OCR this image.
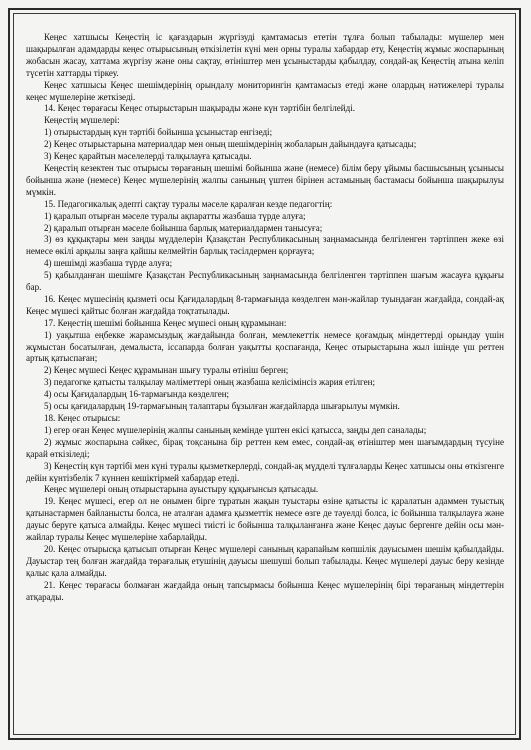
Кеңес хатшысы Кеңестің іс қағаздарын жүргізуді қамтамасыз ететін тұлға болып табылады: мүшелер мен шақырылған адамдарды кеңес отырысының өткізілетін күні мен орны туралы хабардар ету, Кеңестің жұмыс жоспарының жобасын жасау, хаттама жүргізу және оны сақтау, өтініштер мен ұсыныстарды қабылдау, сондай-ақ Кеңестің атына келіп түсетін хаттарды тіркеу.

Кеңес хатшысы Кеңес шешімдерінің орындалу мониторингін қамтамасыз етеді және олардың нәтижелері туралы кеңес мүшелеріне жеткізеді.

14. Кеңес төрағасы Кеңес отырыстарын шақырады және күн тәртібін белгілейді.

Кеңестің мүшелері:

1) отырыстардың күн тәртібі бойынша ұсыныстар енгізеді;

2) Кеңес отырыстарына материалдар мен оның шешімдерінің жобаларын дайындауға қатысады;

3) Кеңес қарайтын мәселелерді талқылауға қатысады.

Кеңестің кезектен тыс отырысы төрағаның шешімі бойынша және (немесе) білім беру ұйымы басшысының ұсынысы бойынша және (немесе) Кеңес мүшелерінің жалпы санының үштен бірінен астамының бастамасы бойынша шақырылуы мүмкін.

15. Педагогикалық әдепті сақтау туралы мәселе қаралған кезде педагогтің:

1) қаралып отырған мәселе туралы ақпаратты жазбаша түрде алуға;

2) қаралып отырған мәселе бойынша барлық материалдармен танысуға;

3) өз құқықтары мен заңды мүдделерін Қазақстан Республикасының заңнамасында белгіленген тәртіппен жеке өзі немесе өкілі арқылы заңға қайшы келмейтін барлық тәсілдермен қорғауға;

4) шешімді жазбаша түрде алуға;

5) қабылданған шешімге Қазақстан Республикасының заңнамасында белгіленген тәртіппен шағым жасауға құқығы бар.

16. Кеңес мүшесінің қызметі осы Қағидалардың 8-тармағында көзделген мән-жайлар туындаған жағдайда, сондай-ақ Кеңес мүшесі қайтыс болған жағдайда тоқтатылады.

17. Кеңестің шешімі бойынша Кеңес мүшесі оның құрамынан:

1) уақытша еңбекке жарамсыздық жағдайында болған, мемлекеттік немесе қоғамдық міндеттерді орындау үшін жұмыстан босатылған, демалыста, іссапарда болған уақытты қоспағанда, Кеңес отырыстарына жыл ішінде үш реттен артық қатыспаған;

2) Кеңес мүшесі Кеңес құрамынан шығу туралы өтініш берген;

3) педагогке қатысты талқылау мәліметтері оның жазбаша келісімінсіз жария етілген;

4) осы Қағидалардың 16-тармағында көзделген;

5) осы қағидалардың 19-тармағының талаптары бұзылған жағдайларда шығарылуы мүмкін.

18. Кеңес отырысы:

1) егер оған Кеңес мүшелерінің жалпы санының кемінде үштен екісі қатысса, заңды деп саналады;

2) жұмыс жоспарына сәйкес, бірақ тоқсанына бір реттен кем емес, сондай-ақ өтініштер мен шағымдардың түсуіне қарай өткізіледі;

3) Кеңестің күн тәртібі мен күні туралы қызметкерлерді, сондай-ақ мүдделі тұлғаларды Кеңес хатшысы оны өткізгенге дейін күнтізбелік 7 күннен кешіктірмей хабардар етеді.

Кеңес мүшелері оның отырыстарына ауыстыру құқығынсыз қатысады.

19. Кеңес мүшесі, егер ол не онымен бірге тұратын жақын туыстары өзіне қатысты іс қаралатын адаммен туыстық қатынастармен байланысты болса, не аталған адамға қызметтік немесе өзге де тәуелді болса, іс бойынша талқылауға және дауыс беруге қатыса алмайды. Кеңес мүшесі тиісті іс бойынша талқыланғанға және Кеңес дауыс бергенге дейін осы мән-жайлар туралы Кеңес мүшелеріне хабарлайды.

20. Кеңес отырысқа қатысып отырған Кеңес мүшелері санының қарапайым көпшілік дауысымен шешім қабылдайды. Дауыстар тең болған жағдайда төрағалық етушінің дауысы шешуші болып табылады. Кеңес мүшелері дауыс беру кезінде қалыс қала алмайды.

21. Кеңес төрағасы болмаған жағдайда оның тапсырмасы бойынша Кеңес мүшелерінің бірі төрағаның міндеттерін атқарады.
